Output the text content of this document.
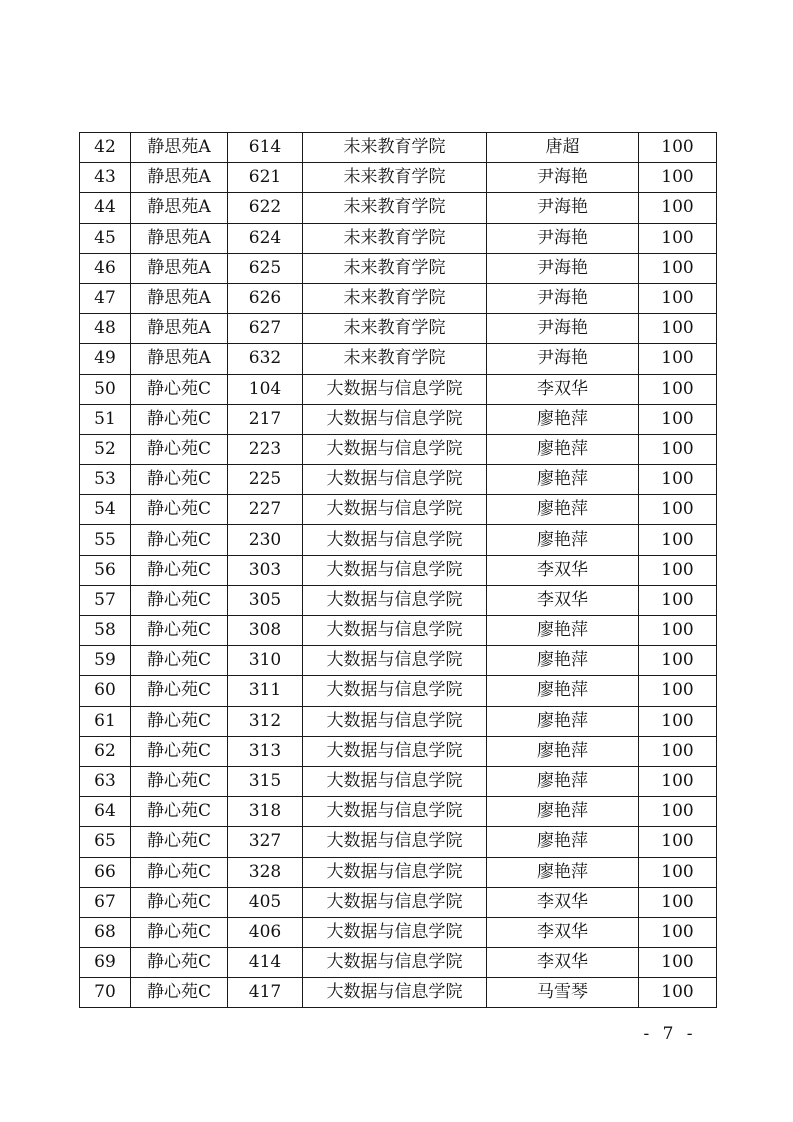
42	静思苑A	614	未来教育学院	唐超	100
43	静思苑A	621	未来教育学院	尹海艳	100
44	静思苑A	622	未来教育学院	尹海艳	100
45	静思苑A	624	未来教育学院	尹海艳	100
46	静思苑A	625	未来教育学院	尹海艳	100
47	静思苑A	626	未来教育学院	尹海艳	100
48	静思苑A	627	未来教育学院	尹海艳	100
49	静思苑A	632	未来教育学院	尹海艳	100
50	静心苑C	104	大数据与信息学院	李双华	100
51	静心苑C	217	大数据与信息学院	廖艳萍	100
52	静心苑C	223	大数据与信息学院	廖艳萍	100
53	静心苑C	225	大数据与信息学院	廖艳萍	100
54	静心苑C	227	大数据与信息学院	廖艳萍	100
55	静心苑C	230	大数据与信息学院	廖艳萍	100
56	静心苑C	303	大数据与信息学院	李双华	100
57	静心苑C	305	大数据与信息学院	李双华	100
58	静心苑C	308	大数据与信息学院	廖艳萍	100
59	静心苑C	310	大数据与信息学院	廖艳萍	100
60	静心苑C	311	大数据与信息学院	廖艳萍	100
61	静心苑C	312	大数据与信息学院	廖艳萍	100
62	静心苑C	313	大数据与信息学院	廖艳萍	100
63	静心苑C	315	大数据与信息学院	廖艳萍	100
64	静心苑C	318	大数据与信息学院	廖艳萍	100
65	静心苑C	327	大数据与信息学院	廖艳萍	100
66	静心苑C	328	大数据与信息学院	廖艳萍	100
67	静心苑C	405	大数据与信息学院	李双华	100
68	静心苑C	406	大数据与信息学院	李双华	100
69	静心苑C	414	大数据与信息学院	李双华	100
70	静心苑C	417	大数据与信息学院	马雪琴	100
- 7 -
